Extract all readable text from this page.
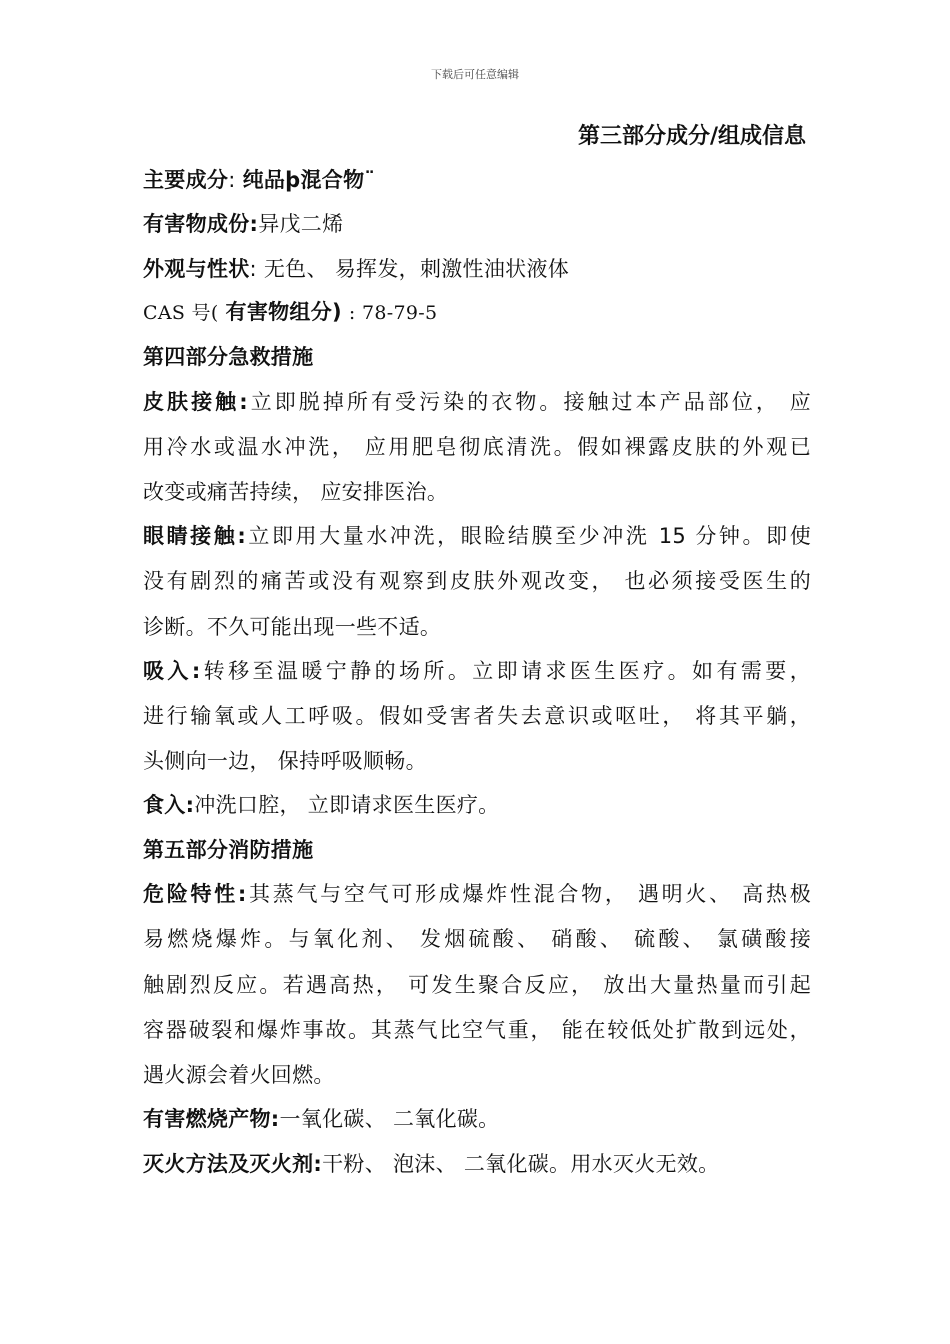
下载后可任意编辑
第三部分成分/组成信息
主要成分: 纯品þ混合物¨
有害物成份:异戊二烯
外观与性状: 无色、 易挥发，刺激性油状液体
CAS 号( 有害物组分) : 78-79-5
第四部分急救措施
皮肤接触:立即脱掉所有受污染的衣物。接触过本产品部位， 应
用冷水或温水冲洗， 应用肥皂彻底清洗。假如裸露皮肤的外观已
改变或痛苦持续， 应安排医治。
眼睛接触:立即用大量水冲洗，眼睑结膜至少冲洗 15 分钟。即使
没有剧烈的痛苦或没有观察到皮肤外观改变， 也必须接受医生的
诊断。不久可能出现一些不适。
吸入:转移至温暖宁静的场所。立即请求医生医疗。如有需要，
进行输氧或人工呼吸。假如受害者失去意识或呕吐， 将其平躺，
头侧向一边， 保持呼吸顺畅。
食入:冲洗口腔， 立即请求医生医疗。
第五部分消防措施
危险特性:其蒸气与空气可形成爆炸性混合物， 遇明火、 高热极
易燃烧爆炸。与氧化剂、 发烟硫酸、 硝酸、 硫酸、 氯磺酸接
触剧烈反应。若遇高热， 可发生聚合反应， 放出大量热量而引起
容器破裂和爆炸事故。其蒸气比空气重， 能在较低处扩散到远处，
遇火源会着火回燃。
有害燃烧产物:一氧化碳、 二氧化碳。
灭火方法及灭火剂:干粉、 泡沫、 二氧化碳。用水灭火无效。
